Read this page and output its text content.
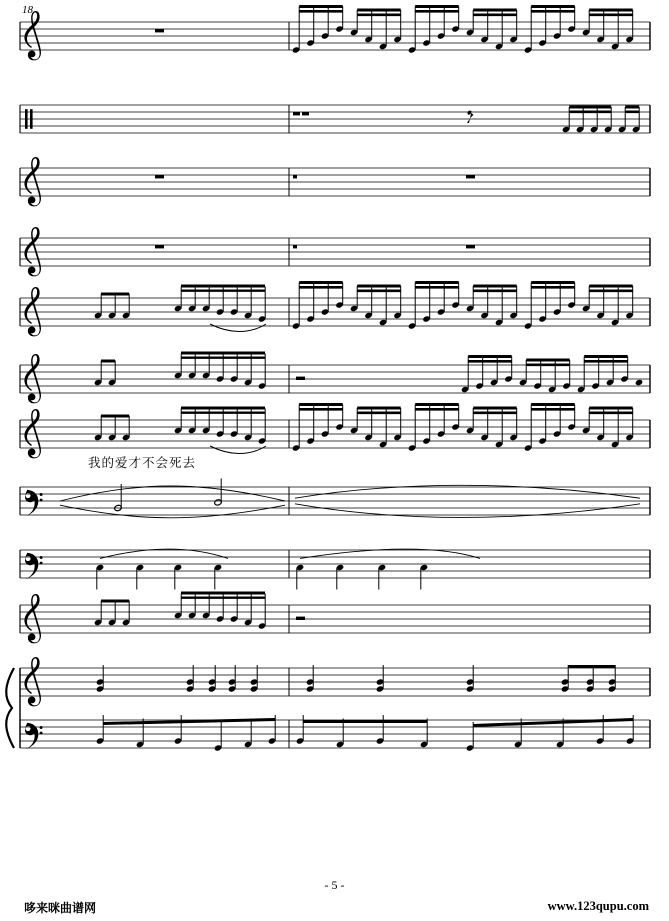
18
我的爱才不会死去
- 5 -
哆来咪曲谱网	www.123qupu.com
